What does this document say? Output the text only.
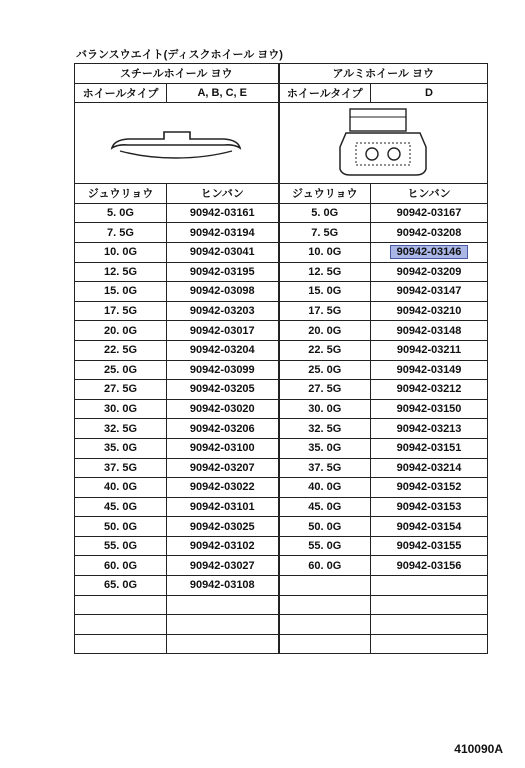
バランスウエイト(ディスクホイール ヨウ)
スチールホイール ヨウ		アルミホイール ヨウ	
ホイールタイプ	A, B, C, E	ホイールタイプ	D

ジュウリョウ	ヒンバン	ジュウリョウ	ヒンバン
5. 0G	90942-03161	5. 0G	90942-03167
7. 5G	90942-03194	7. 5G	90942-03208
10. 0G	90942-03041	10. 0G	90942-03146
12. 5G	90942-03195	12. 5G	90942-03209
15. 0G	90942-03098	15. 0G	90942-03147
17. 5G	90942-03203	17. 5G	90942-03210
20. 0G	90942-03017	20. 0G	90942-03148
22. 5G	90942-03204	22. 5G	90942-03211
25. 0G	90942-03099	25. 0G	90942-03149
27. 5G	90942-03205	27. 5G	90942-03212
30. 0G	90942-03020	30. 0G	90942-03150
32. 5G	90942-03206	32. 5G	90942-03213
35. 0G	90942-03100	35. 0G	90942-03151
37. 5G	90942-03207	37. 5G	90942-03214
40. 0G	90942-03022	40. 0G	90942-03152
45. 0G	90942-03101	45. 0G	90942-03153
50. 0G	90942-03025	50. 0G	90942-03154
55. 0G	90942-03102	55. 0G	90942-03155
60. 0G	90942-03027	60. 0G	90942-03156
65. 0G	90942-03108		

410090A
